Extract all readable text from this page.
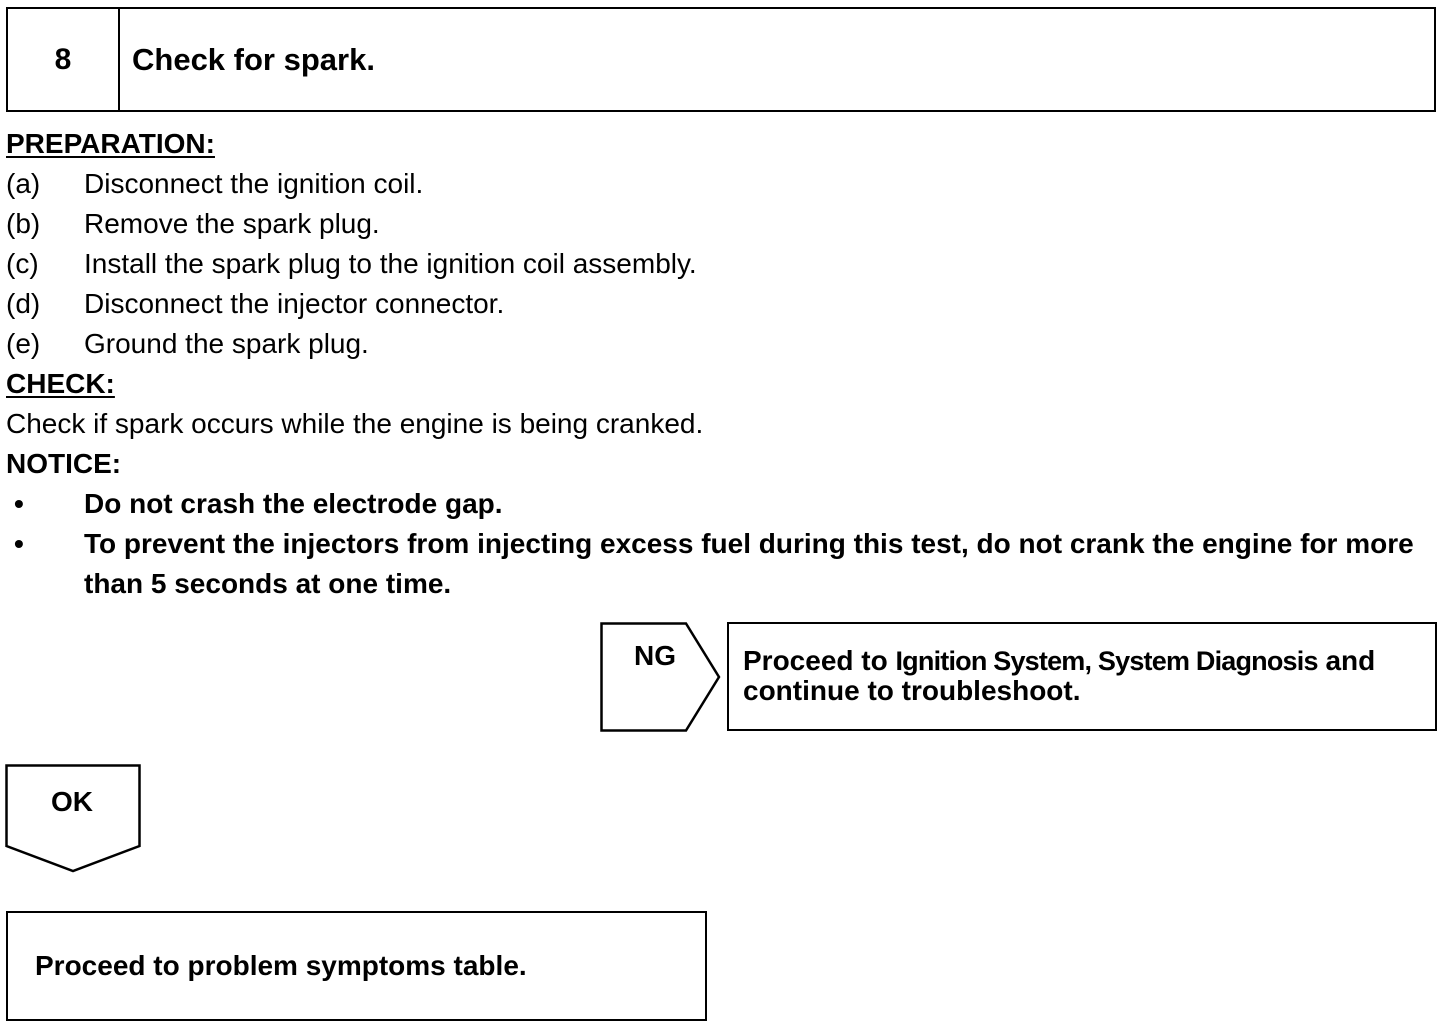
8	Check for spark.
PREPARATION:
(a)	Disconnect the ignition coil.
(b)	Remove the spark plug.
(c)	Install the spark plug to the ignition coil assembly.
(d)	Disconnect the injector connector.
(e)	Ground the spark plug.
CHECK:
Check if spark occurs while the engine is being cranked.
NOTICE:
•	Do not crash the electrode gap.
•	To prevent the injectors from injecting excess fuel during this test, do not crank the engine for more than 5 seconds at one time.
NG	Proceed to Ignition System, System Diagnosis and continue to troubleshoot.
OK
Proceed to problem symptoms table.
